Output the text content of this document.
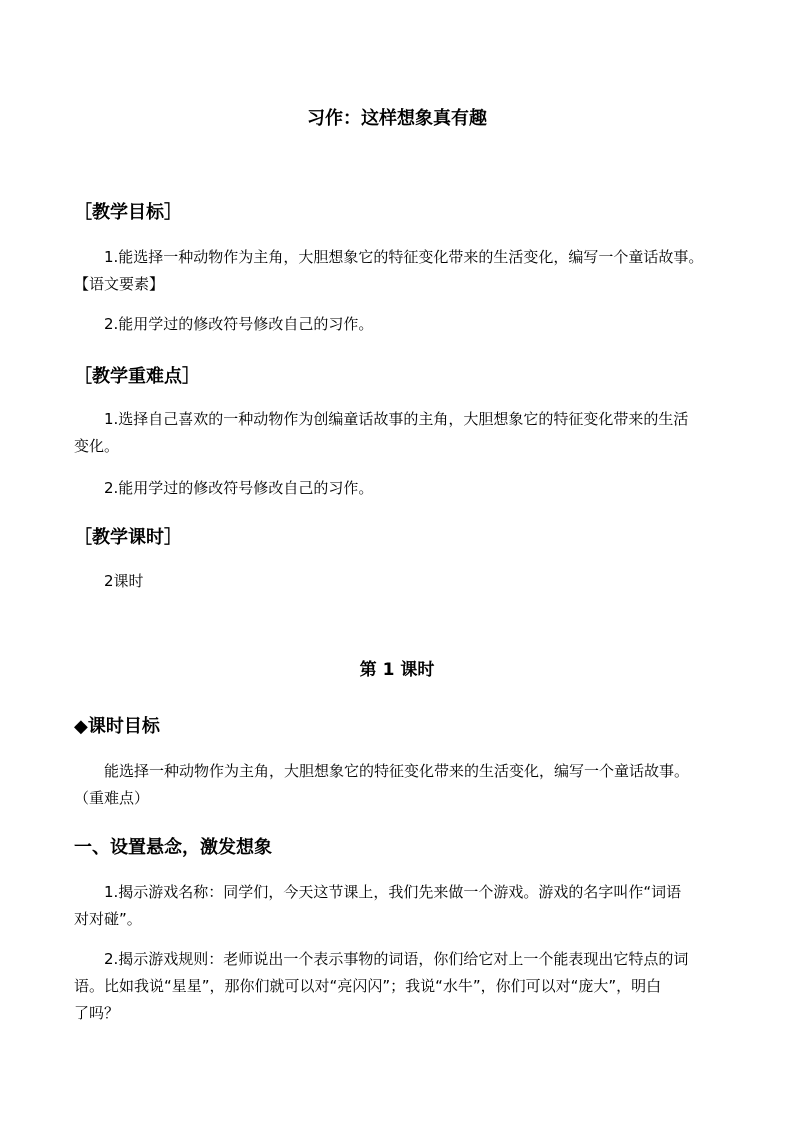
习作：这样想象真有趣
［教学目标］
1.能选择一种动物作为主角，大胆想象它的特征变化带来的生活变化，编写一个童话故事。
【语文要素】
2.能用学过的修改符号修改自己的习作。
［教学重难点］
1.选择自己喜欢的一种动物作为创编童话故事的主角，大胆想象它的特征变化带来的生活
变化。
2.能用学过的修改符号修改自己的习作。
［教学课时］
2课时
第 1 课时
◆课时目标
能选择一种动物作为主角，大胆想象它的特征变化带来的生活变化，编写一个童话故事。
（重难点）
一、设置悬念，激发想象
1.揭示游戏名称：同学们，今天这节课上，我们先来做一个游戏。游戏的名字叫作“词语
对对碰”。
2.揭示游戏规则：老师说出一个表示事物的词语，你们给它对上一个能表现出它特点的词
语。比如我说“星星”，那你们就可以对“亮闪闪”；我说“水牛”，你们可以对“庞大”，明白
了吗？
